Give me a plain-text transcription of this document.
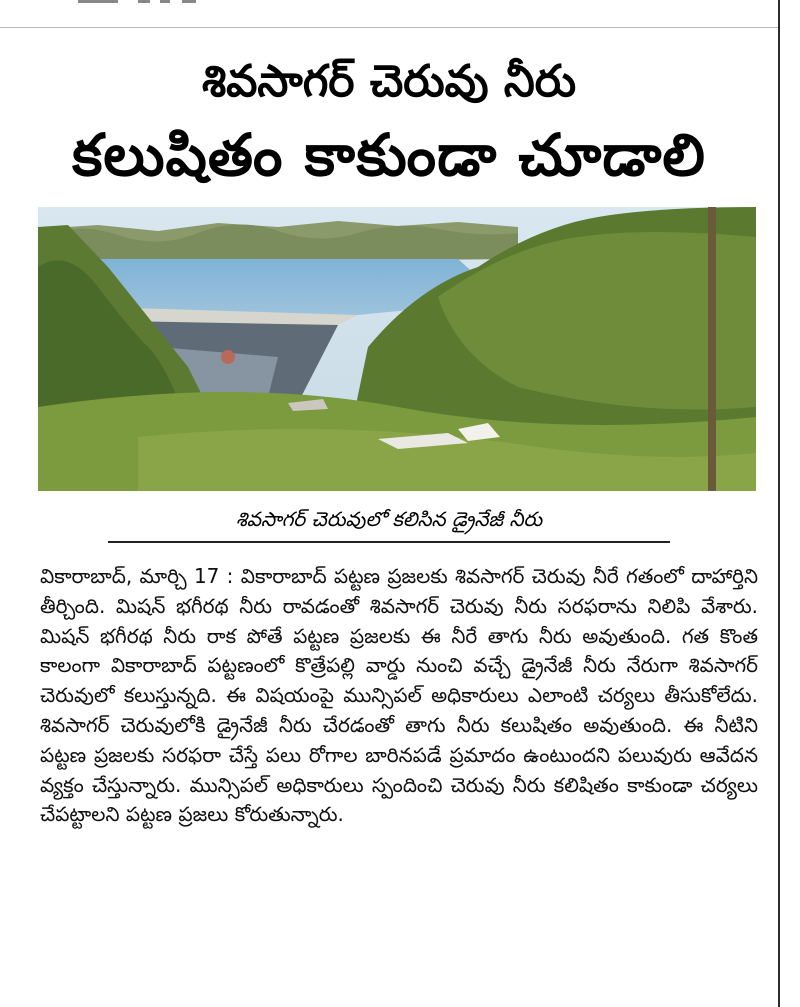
శివసాగర్ చెరువు నీరు
కలుషితం కాకుండా చూడాలి
శివసాగర్ చెరువులో కలిసిన డ్రైనేజీ నీరు
వికారాబాద్, మార్చి 17 : వికారాబాద్ పట్టణ ప్రజలకు శివసాగర్ చెరువు నీరే గతంలో దాహార్తిని తీర్చింది. మిషన్ భగీరథ నీరు రావడంతో శివసాగర్ చెరువు నీరు సరఫరాను నిలిపి వేశారు. మిషన్ భగీరథ నీరు రాక పోతే పట్టణ ప్రజలకు ఈ నీరే తాగు నీరు అవుతుంది. గత కొంత కాలంగా వికారాబాద్ పట్టణంలో కొత్రేపల్లి వార్డు నుంచి వచ్చే డ్రైనేజీ నీరు నేరుగా శివసాగర్ చెరువులో కలుస్తున్నది. ఈ విషయంపై మున్సిపల్ అధికారులు ఎలాంటి చర్యలు తీసుకోలేదు. శివసాగర్ చెరువులోకి డ్రైనేజీ నీరు చేరడంతో తాగు నీరు కలుషితం అవుతుంది. ఈ నీటిని పట్టణ ప్రజలకు సరఫరా చేస్తే పలు రోగాల బారినపడే ప్రమాదం ఉంటుందని పలువురు ఆవేదన వ్యక్తం చేస్తున్నారు. మున్సిపల్ అధికారులు స్పందించి చెరువు నీరు కలిషితం కాకుండా చర్యలు చేపట్టాలని పట్టణ ప్రజలు కోరుతున్నారు.
